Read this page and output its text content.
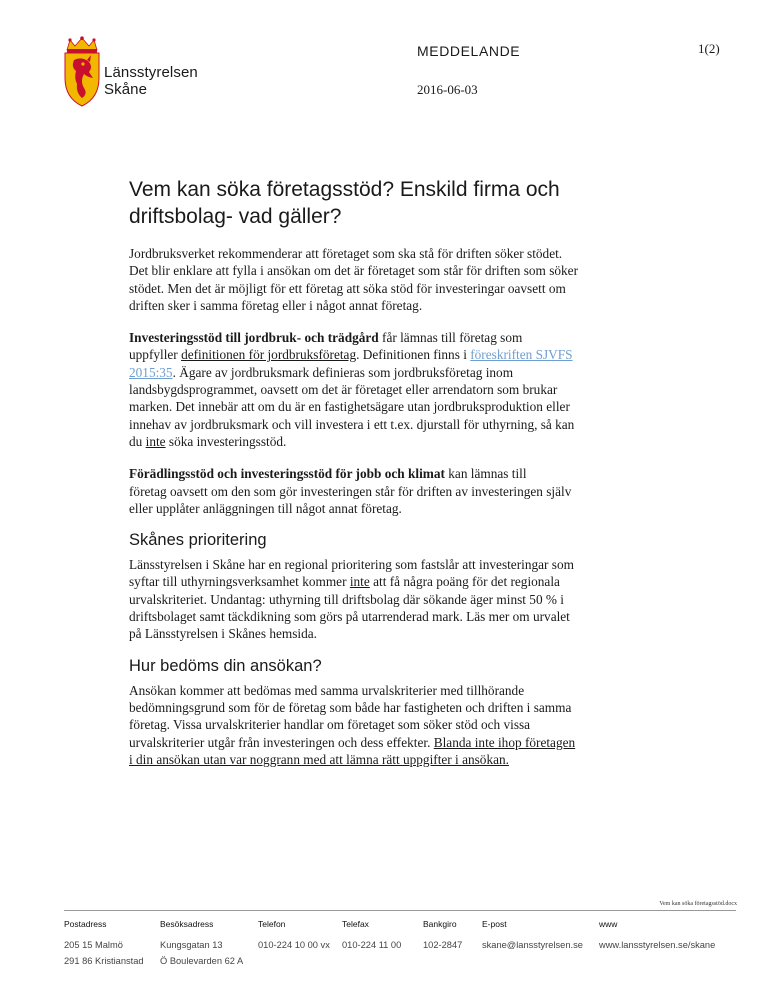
Länsstyrelsen
Skåne
MEDDELANDE	1(2)
2016-06-03
Vem kan söka företagsstöd? Enskild firma och
driftsbolag- vad gäller?

Jordbruksverket rekommenderar att företaget som ska stå för driften söker stödet.
Det blir enklare att fylla i ansökan om det är företaget som står för driften som söker
stödet. Men det är möjligt för ett företag att söka stöd för investeringar oavsett om
driften sker i samma företag eller i något annat företag.

Investeringsstöd till jordbruk- och trädgård får lämnas till företag som
uppfyller definitionen för jordbruksföretag. Definitionen finns i föreskriften SJVFS
2015:35. Ägare av jordbruksmark definieras som jordbruksföretag inom
landsbygdsprogrammet, oavsett om det är företaget eller arrendatorn som brukar
marken. Det innebär att om du är en fastighetsägare utan jordbruksproduktion eller
innehav av jordbruksmark och vill investera i ett t.ex. djurstall för uthyrning, så kan
du inte söka investeringsstöd.

Förädlingsstöd och investeringsstöd för jobb och klimat kan lämnas till
företag oavsett om den som gör investeringen står för driften av investeringen själv
eller upplåter anläggningen till något annat företag.

Skånes prioritering

Länsstyrelsen i Skåne har en regional prioritering som fastslår att investeringar som
syftar till uthyrningsverksamhet kommer inte att få några poäng för det regionala
urvalskriteriet. Undantag: uthyrning till driftsbolag där sökande äger minst 50 % i
driftsbolaget samt täckdikning som görs på utarrenderad mark. Läs mer om urvalet
på Länsstyrelsen i Skånes hemsida.

Hur bedöms din ansökan?

Ansökan kommer att bedömas med samma urvalskriterier med tillhörande
bedömningsgrund som för de företag som både har fastigheten och driften i samma
företag. Vissa urvalskriterier handlar om företaget som söker stöd och vissa
urvalskriterier utgår från investeringen och dess effekter. Blanda inte ihop företagen
i din ansökan utan var noggrann med att lämna rätt uppgifter i ansökan.

Vem kan söka företagsstöd.docx
Postadress
205 15 Malmö
291 86 Kristianstad
Besöksadress
Kungsgatan 13
Ö Boulevarden 62 A
Telefon
010-224 10 00 vx
Telefax
010-224 11 00
Bankgiro
102-2847
E-post
skane@lansstyrelsen.se
www
www.lansstyrelsen.se/skane
